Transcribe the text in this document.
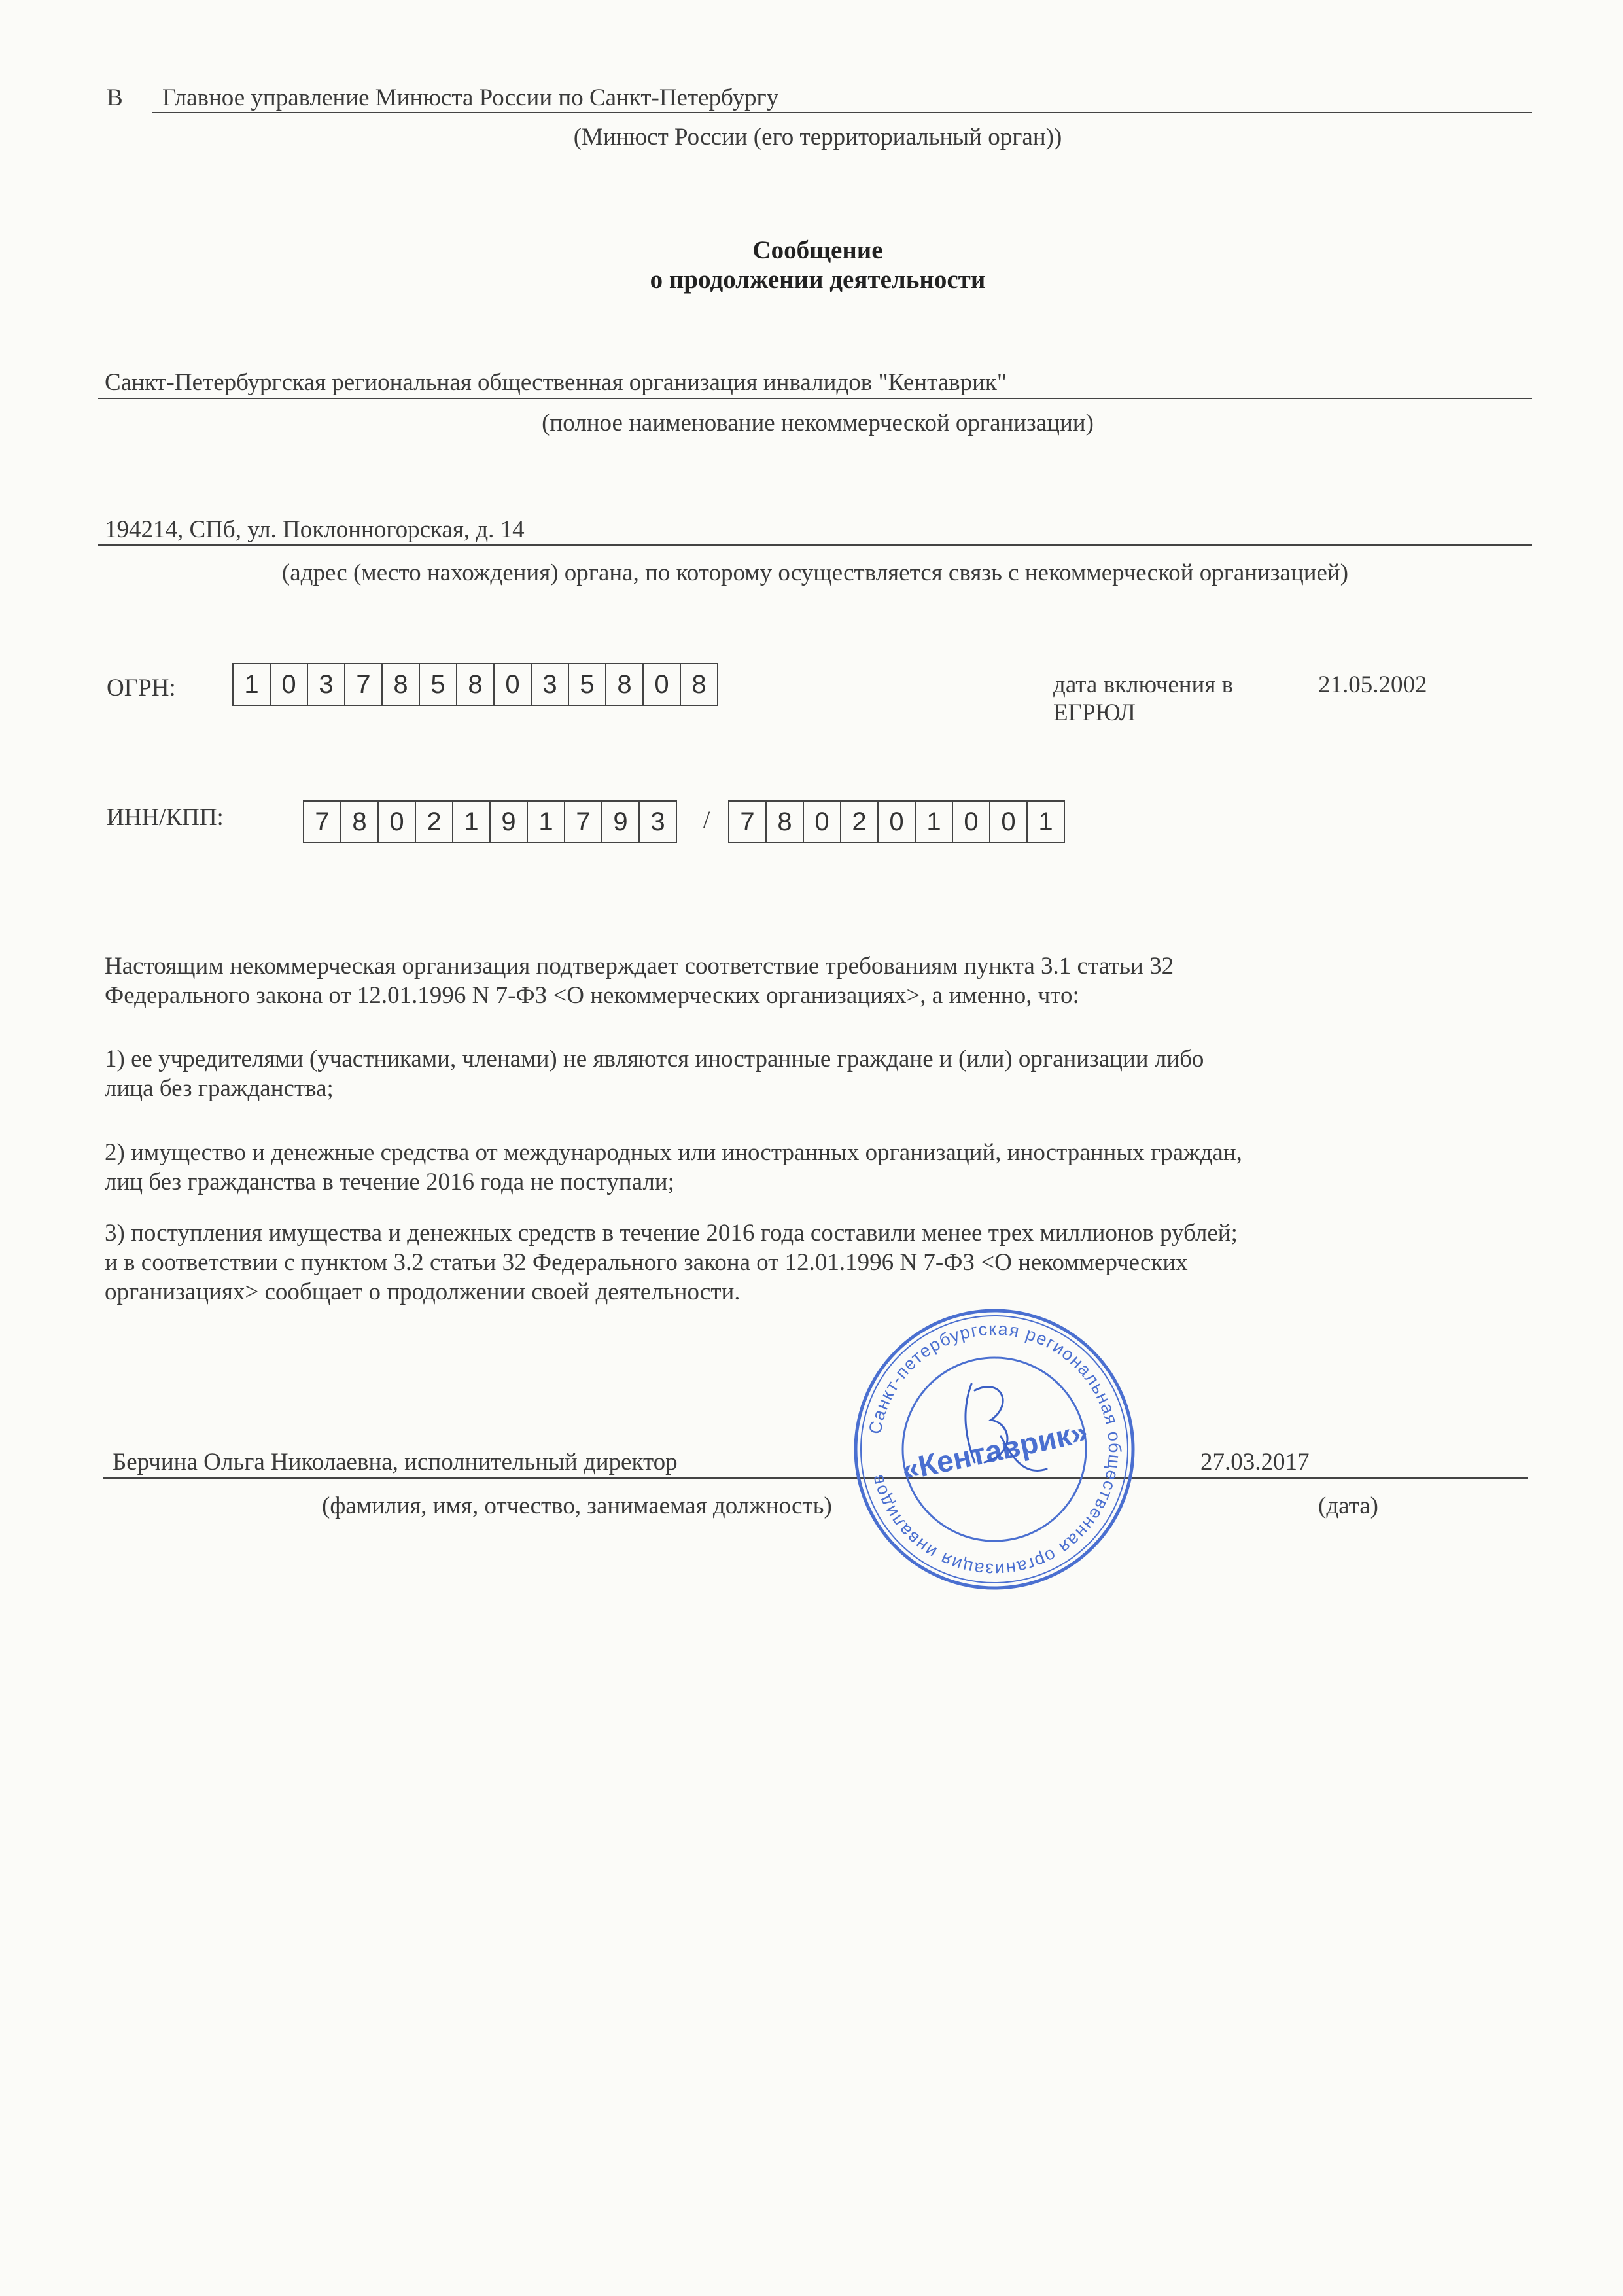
В Главное управление Минюста России по Санкт-Петербургу
(Минюст России (его территориальный орган))
Сообщение
о продолжении деятельности
Санкт-Петербургская региональная общественная организация инвалидов "Кентаврик"
(полное наименование некоммерческой организации)
194214, СПб, ул. Поклонногорская, д. 14
(адрес (место нахождения) органа, по которому осуществляется связь с некоммерческой организацией)
ОГРН:	1 0 3 7 8 5 8 0 3 5 8 0 8	дата включения в
ЕГРЮЛ
21.05.2002
ИНН/КПП:	7 8 0 2 1 9 1 7 9 3	/	7 8 0 2 0 1 0 0 1
Настоящим некоммерческая организация подтверждает соответствие требованиям пункта 3.1 статьи 32
Федерального закона от 12.01.1996 N 7-ФЗ <О некоммерческих организациях>, а именно, что:
1) ее учредителями (участниками, членами) не являются иностранные граждане и (или) организации либо
лица без гражданства;
2) имущество и денежные средства от международных или иностранных организаций, иностранных граждан,
лиц без гражданства в течение 2016 года не поступали;
3) поступления имущества и денежных средств в течение 2016 года составили менее трех миллионов рублей;
и в соответствии с пунктом 3.2 статьи 32 Федерального закона от 12.01.1996 N 7-ФЗ <О некоммерческих
организациях> сообщает о продолжении своей деятельности.
Берчина Ольга Николаевна, исполнительный директор	27.03.2017
(фамилия, имя, отчество, занимаемая должность)	(дата)
Санкт-петербургская региональная общественная организация инвалидов «Кентаврик»
